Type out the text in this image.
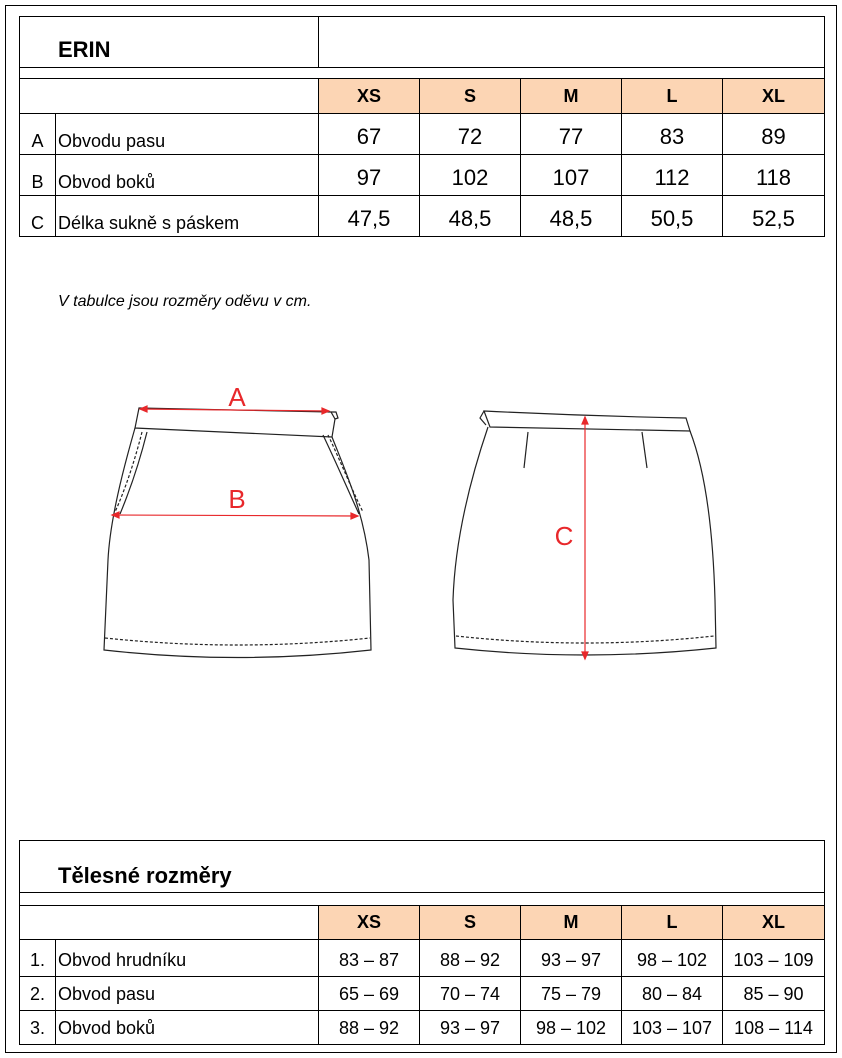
ERIN
XS	S	M	L	XL
A Obvodu pasu	67	72	77	83	89
B Obvod boků	97	102	107	112	118
C Délka sukně s páskem	47,5	48,5	48,5	50,5	52,5
V tabulce jsou rozměry oděvu v cm.
A
B
C
Tělesné rozměry
XS	S	M	L	XL
1. Obvod hrudníku	83 – 87	88 – 92	93 – 97	98 – 102	103 – 109
2. Obvod pasu	65 – 69	70 – 74	75 – 79	80 – 84	85 – 90
3. Obvod boků	88 – 92	93 – 97	98 – 102	103 – 107	108 – 114
